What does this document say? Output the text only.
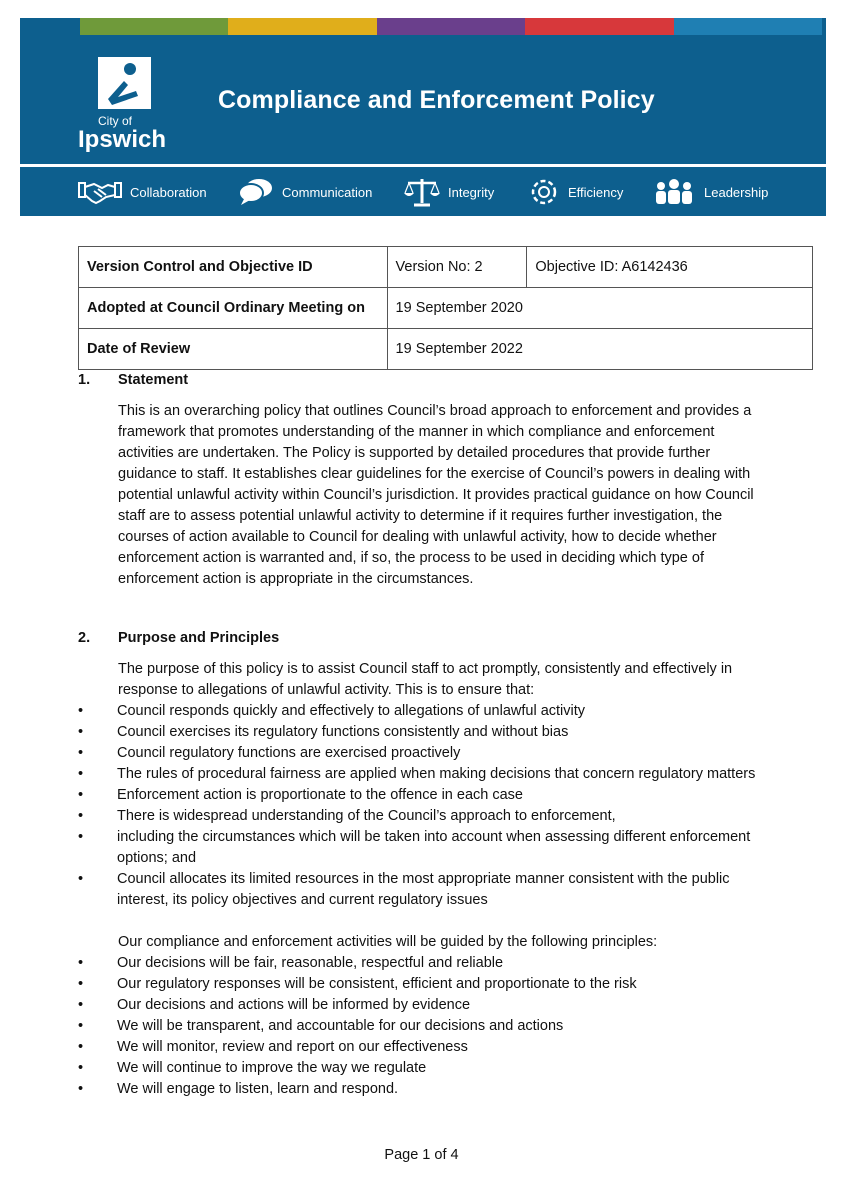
City of
Ipswich
Compliance and Enforcement Policy
Collaboration	Communication	Integrity	Efficiency	Leadership
Version Control and Objective ID	Version No: 2	Objective ID: A6142436
Adopted at Council Ordinary Meeting on	19 September 2020	
Date of Review	19 September 2022	
1. Statement

This is an overarching policy that outlines Council’s broad approach to enforcement and provides a framework that promotes understanding of the manner in which compliance and enforcement activities are undertaken. The Policy is supported by detailed procedures that provide further guidance to staff. It establishes clear guidelines for the exercise of Council’s powers in dealing with potential unlawful activity within Council’s jurisdiction. It provides practical guidance on how Council staff are to assess potential unlawful activity to determine if it requires further investigation, the courses of action available to Council for dealing with unlawful activity, how to decide whether enforcement action is warranted and, if so, the process to be used in deciding which type of enforcement action is appropriate in the circumstances.

2. Purpose and Principles

The purpose of this policy is to assist Council staff to act promptly, consistently and effectively in response to allegations of unlawful activity. This is to ensure that:

• Council responds quickly and effectively to allegations of unlawful activity
• Council exercises its regulatory functions consistently and without bias
• Council regulatory functions are exercised proactively
• The rules of procedural fairness are applied when making decisions that concern regulatory matters
• Enforcement action is proportionate to the offence in each case
• There is widespread understanding of the Council’s approach to enforcement,
• including the circumstances which will be taken into account when assessing different enforcement options; and
• Council allocates its limited resources in the most appropriate manner consistent with the public interest, its policy objectives and current regulatory issues

Our compliance and enforcement activities will be guided by the following principles:

• Our decisions will be fair, reasonable, respectful and reliable
• Our regulatory responses will be consistent, efficient and proportionate to the risk
• Our decisions and actions will be informed by evidence
• We will be transparent, and accountable for our decisions and actions
• We will monitor, review and report on our effectiveness
• We will continue to improve the way we regulate
• We will engage to listen, learn and respond.
Page 1 of 4
